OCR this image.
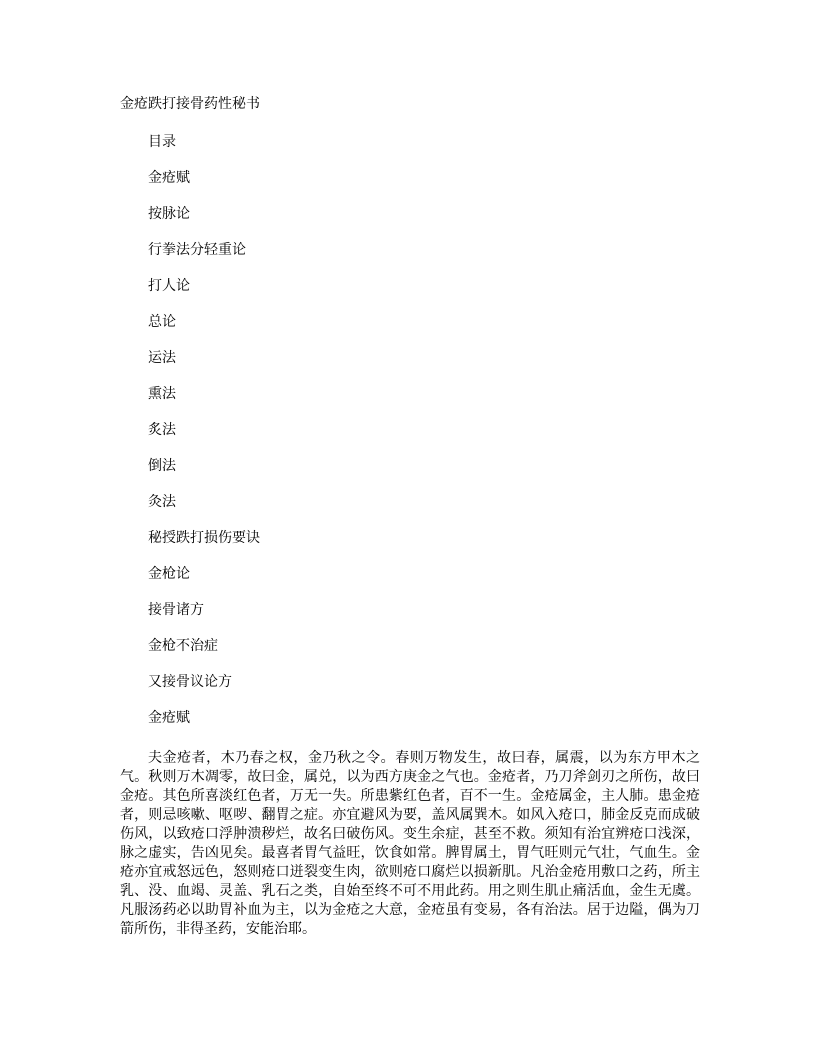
金疮跌打接骨药性秘书
目录
金疮赋
按脉论
行拳法分轻重论
打人论
总论
运法
熏法
炙法
倒法
灸法
秘授跌打损伤要诀
金枪论
接骨诸方
金枪不治症
又接骨议论方
金疮赋

夫金疮者，木乃春之权，金乃秋之令。春则万物发生，故曰春，属震，以为东方甲木之气。秋则万木凋零，故曰金，属兑，以为西方庚金之气也。金疮者，乃刀斧剑刃之所伤，故曰金疮。其色所喜淡红色者，万无一失。所患紫红色者，百不一生。金疮属金，主人肺。患金疮者，则忌咳嗽、呕哕、翻胃之症。亦宜避风为要，盖风属巽木。如风入疮口，肺金反克而成破伤风，以致疮口浮肿溃秽烂，故名曰破伤风。变生余症，甚至不救。须知有治宜辨疮口浅深，脉之虚实，告凶见矣。最喜者胃气益旺，饮食如常。脾胃属土，胃气旺则元气壮，气血生。金疮亦宜戒怒远色，怒则疮口迸裂变生肉，欲则疮口腐烂以损新肌。凡治金疮用敷口之药，所主乳、没、血竭、灵盖、乳石之类，自始至终不可不用此药。用之则生肌止痛活血，金生无虞。凡服汤药必以助胃补血为主，以为金疮之大意，金疮虽有变易，各有治法。居于边隘，偶为刀箭所伤，非得圣药，安能治耶。
